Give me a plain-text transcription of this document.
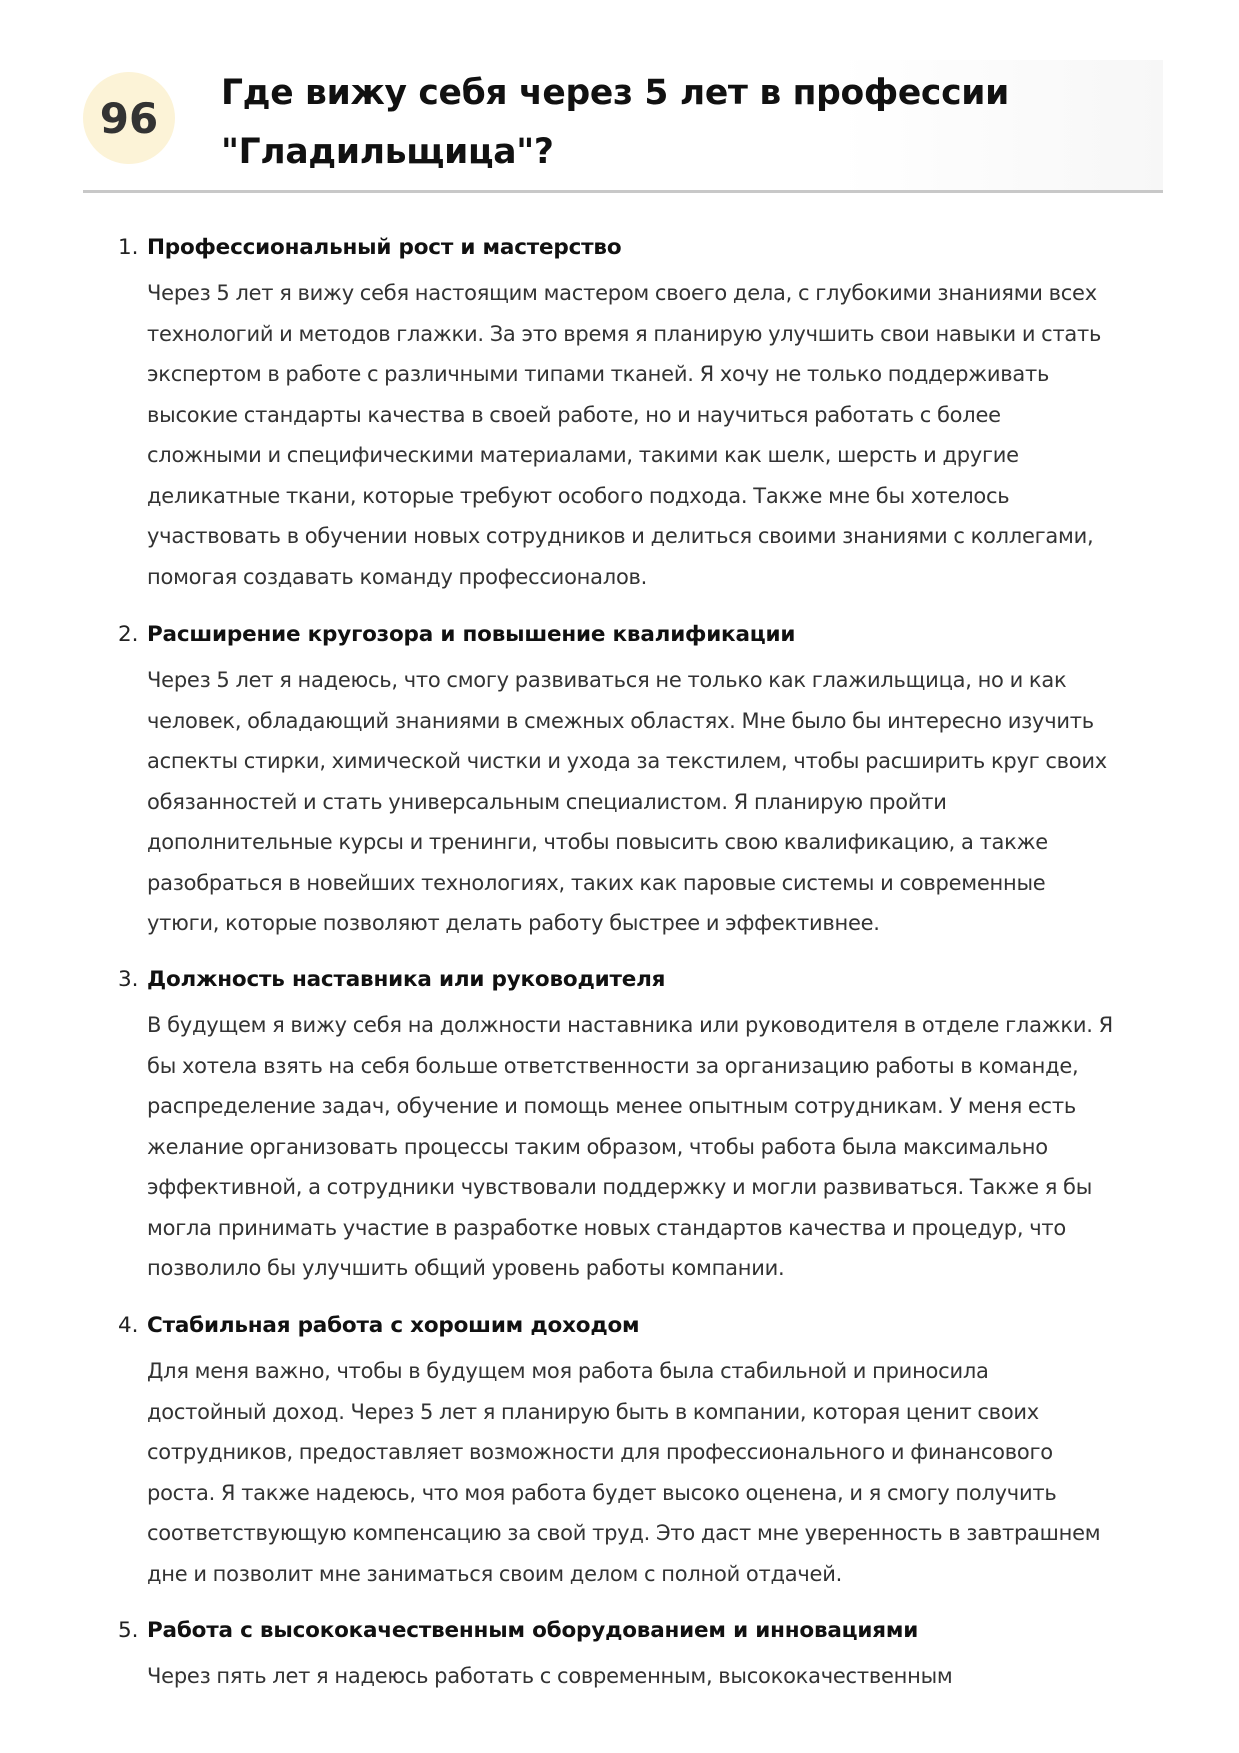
96
Где вижу себя через 5 лет в профессии
"Гладильщица"?
1. Профессиональный рост и мастерство
Через 5 лет я вижу себя настоящим мастером своего дела, с глубокими знаниями всех
технологий и методов глажки. За это время я планирую улучшить свои навыки и стать
экспертом в работе с различными типами тканей. Я хочу не только поддерживать
высокие стандарты качества в своей работе, но и научиться работать с более
сложными и специфическими материалами, такими как шелк, шерсть и другие
деликатные ткани, которые требуют особого подхода. Также мне бы хотелось
участвовать в обучении новых сотрудников и делиться своими знаниями с коллегами,
помогая создавать команду профессионалов.
2. Расширение кругозора и повышение квалификации
Через 5 лет я надеюсь, что смогу развиваться не только как глажильщица, но и как
человек, обладающий знаниями в смежных областях. Мне было бы интересно изучить
аспекты стирки, химической чистки и ухода за текстилем, чтобы расширить круг своих
обязанностей и стать универсальным специалистом. Я планирую пройти
дополнительные курсы и тренинги, чтобы повысить свою квалификацию, а также
разобраться в новейших технологиях, таких как паровые системы и современные
утюги, которые позволяют делать работу быстрее и эффективнее.
3. Должность наставника или руководителя
В будущем я вижу себя на должности наставника или руководителя в отделе глажки. Я
бы хотела взять на себя больше ответственности за организацию работы в команде,
распределение задач, обучение и помощь менее опытным сотрудникам. У меня есть
желание организовать процессы таким образом, чтобы работа была максимально
эффективной, а сотрудники чувствовали поддержку и могли развиваться. Также я бы
могла принимать участие в разработке новых стандартов качества и процедур, что
позволило бы улучшить общий уровень работы компании.
4. Стабильная работа с хорошим доходом
Для меня важно, чтобы в будущем моя работа была стабильной и приносила
достойный доход. Через 5 лет я планирую быть в компании, которая ценит своих
сотрудников, предоставляет возможности для профессионального и финансового
роста. Я также надеюсь, что моя работа будет высоко оценена, и я смогу получить
соответствующую компенсацию за свой труд. Это даст мне уверенность в завтрашнем
дне и позволит мне заниматься своим делом с полной отдачей.
5. Работа с высококачественным оборудованием и инновациями
Через пять лет я надеюсь работать с современным, высококачественным
